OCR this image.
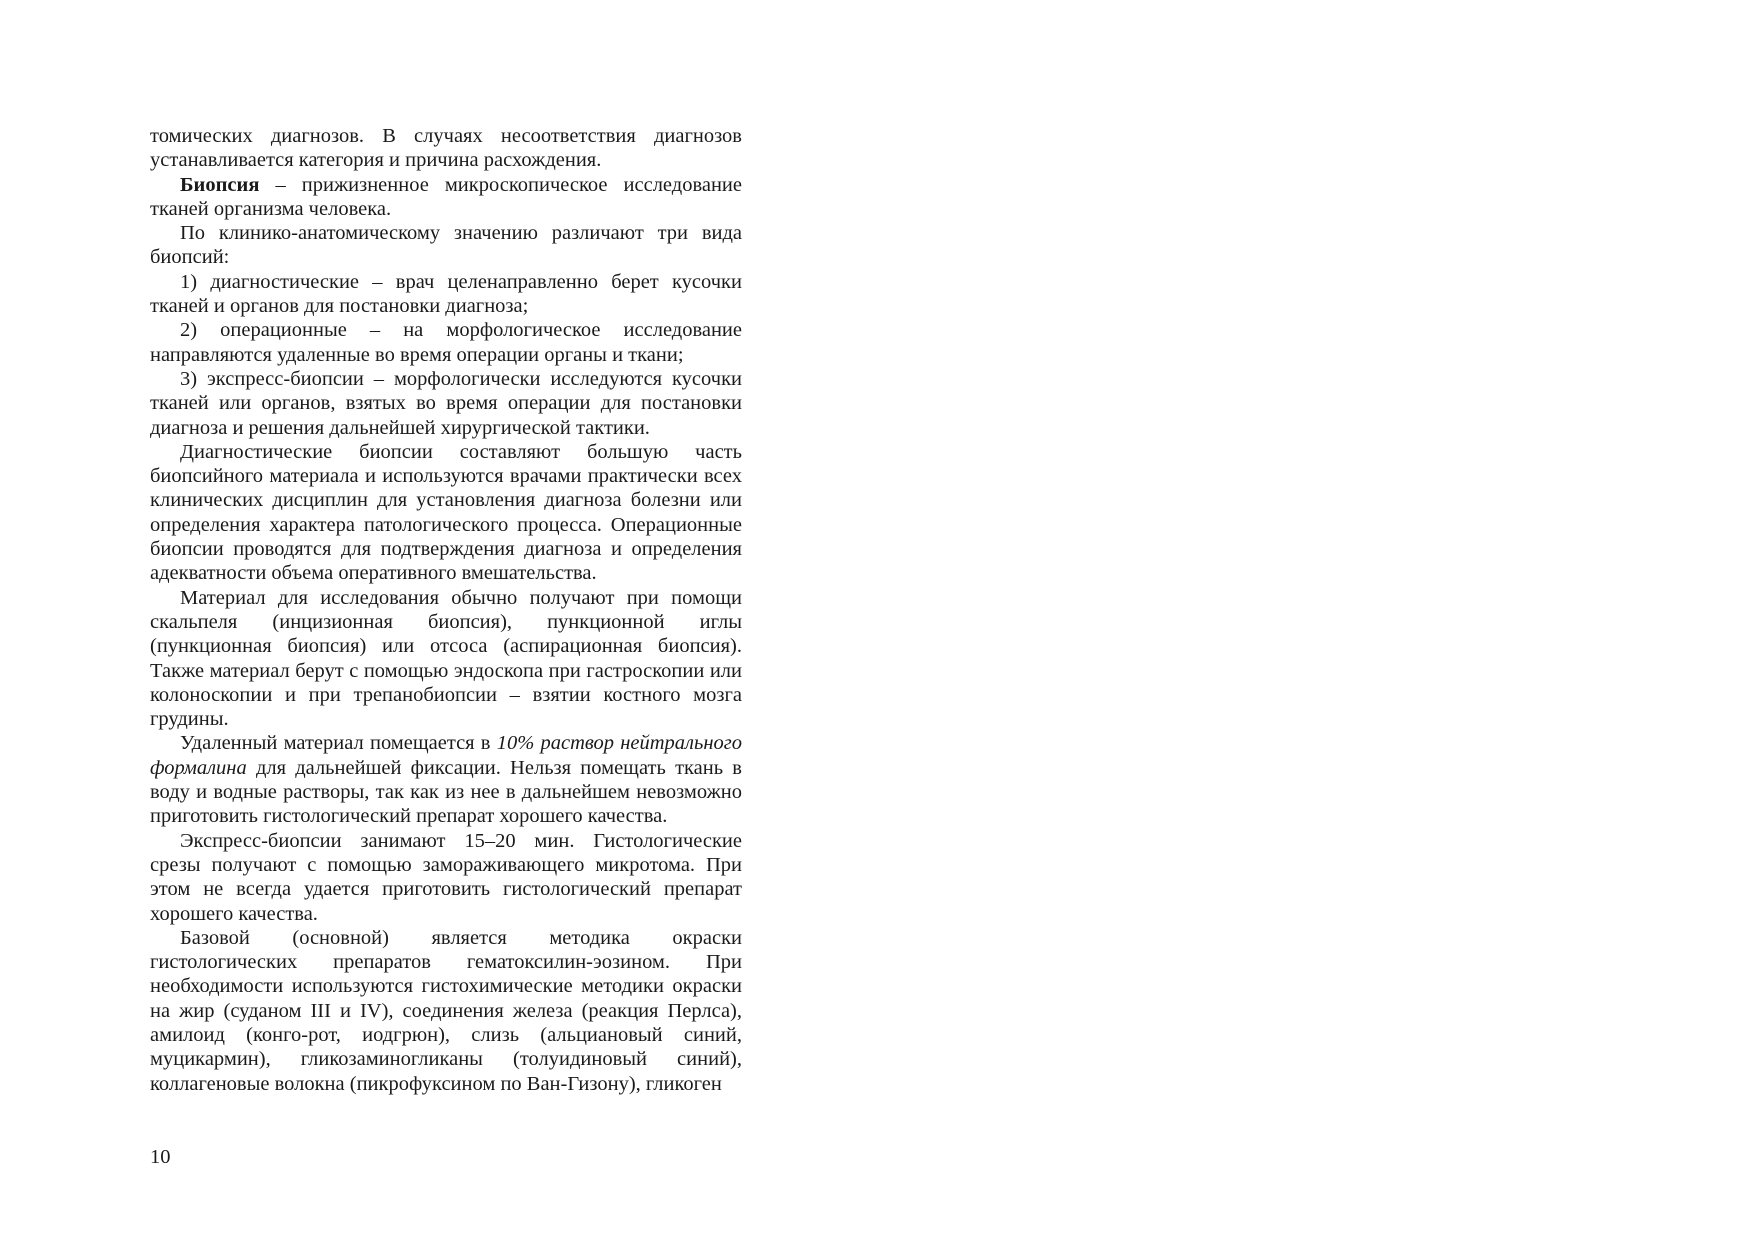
томических диагнозов. В случаях несоответствия диагнозов устанавливается категория и причина расхождения.

Биопсия – прижизненное микроскопическое исследование тканей организма человека.

По клинико-анатомическому значению различают три вида биопсий:

1) диагностические – врач целенаправленно берет кусочки тканей и органов для постановки диагноза;

2) операционные – на морфологическое исследование направляются удаленные во время операции органы и ткани;

3) экспресс-биопсии – морфологически исследуются кусочки тканей или органов, взятых во время операции для постановки диагноза и решения дальнейшей хирургической тактики.

Диагностические биопсии составляют большую часть биопсийного материала и используются врачами практически всех клинических дисциплин для установления диагноза болезни или определения характера патологического процесса. Операционные биопсии проводятся для подтверждения диагноза и определения адекватности объема оперативного вмешательства.

Материал для исследования обычно получают при помощи скальпеля (инцизионная биопсия), пункционной иглы (пункционная биопсия) или отсоса (аспирационная биопсия). Также материал берут с помощью эндоскопа при гастроскопии или колоноскопии и при трепанобиопсии – взятии костного мозга грудины.

Удаленный материал помещается в 10% раствор нейтрального формалина для дальнейшей фиксации. Нельзя помещать ткань в воду и водные растворы, так как из нее в дальнейшем невозможно приготовить гистологический препарат хорошего качества.

Экспресс-биопсии занимают 15–20 мин. Гистологические срезы получают с помощью замораживающего микротома. При этом не всегда удается приготовить гистологический препарат хорошего качества.

Базовой (основной) является методика окраски гистологических препаратов гематоксилин-эозином. При необходимости используются гистохимические методики окраски на жир (суданом III и IV), соединения железа (реакция Перлса), амилоид (конго-рот, иодгрюн), слизь (альциановый синий, муцикармин), гликозаминогликаны (толуидиновый синий), коллагеновые волокна (пикрофуксином по Ван-Гизону), гликоген

10
